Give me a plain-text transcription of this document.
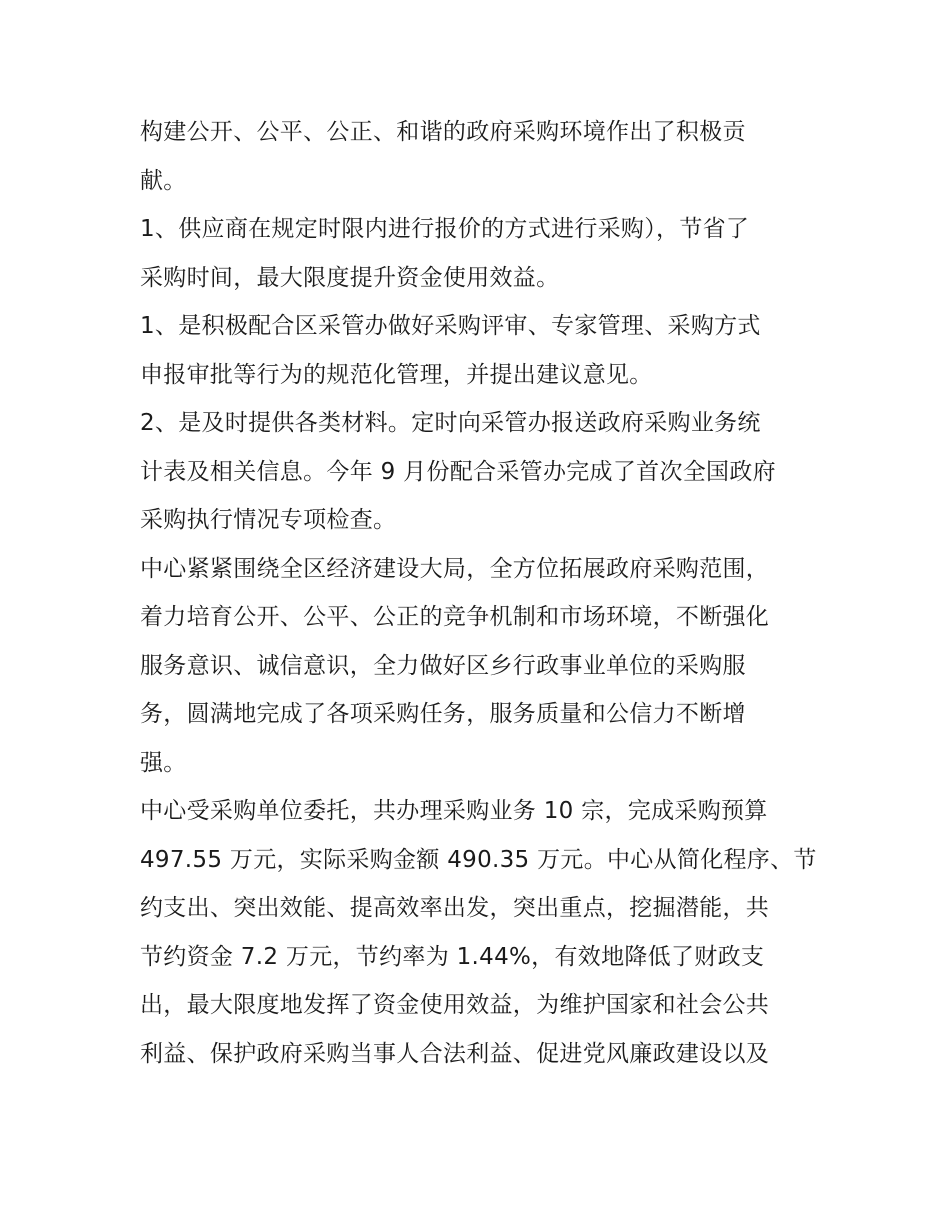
构建公开、公平、公正、和谐的政府采购环境作出了积极贡
献。
1、供应商在规定时限内进行报价的方式进行采购），节省了
采购时间，最大限度提升资金使用效益。
1、是积极配合区采管办做好采购评审、专家管理、采购方式
申报审批等行为的规范化管理，并提出建议意见。
2、是及时提供各类材料。定时向采管办报送政府采购业务统
计表及相关信息。今年 9 月份配合采管办完成了首次全国政府
采购执行情况专项检查。
中心紧紧围绕全区经济建设大局，全方位拓展政府采购范围，
着力培育公开、公平、公正的竞争机制和市场环境，不断强化
服务意识、诚信意识，全力做好区乡行政事业单位的采购服
务，圆满地完成了各项采购任务，服务质量和公信力不断增
强。
中心受采购单位委托，共办理采购业务 10 宗，完成采购预算
497.55 万元，实际采购金额 490.35 万元。中心从简化程序、节
约支出、突出效能、提高效率出发，突出重点，挖掘潜能，共
节约资金 7.2 万元，节约率为 1.44%，有效地降低了财政支
出，最大限度地发挥了资金使用效益，为维护国家和社会公共
利益、保护政府采购当事人合法利益、促进党风廉政建设以及
